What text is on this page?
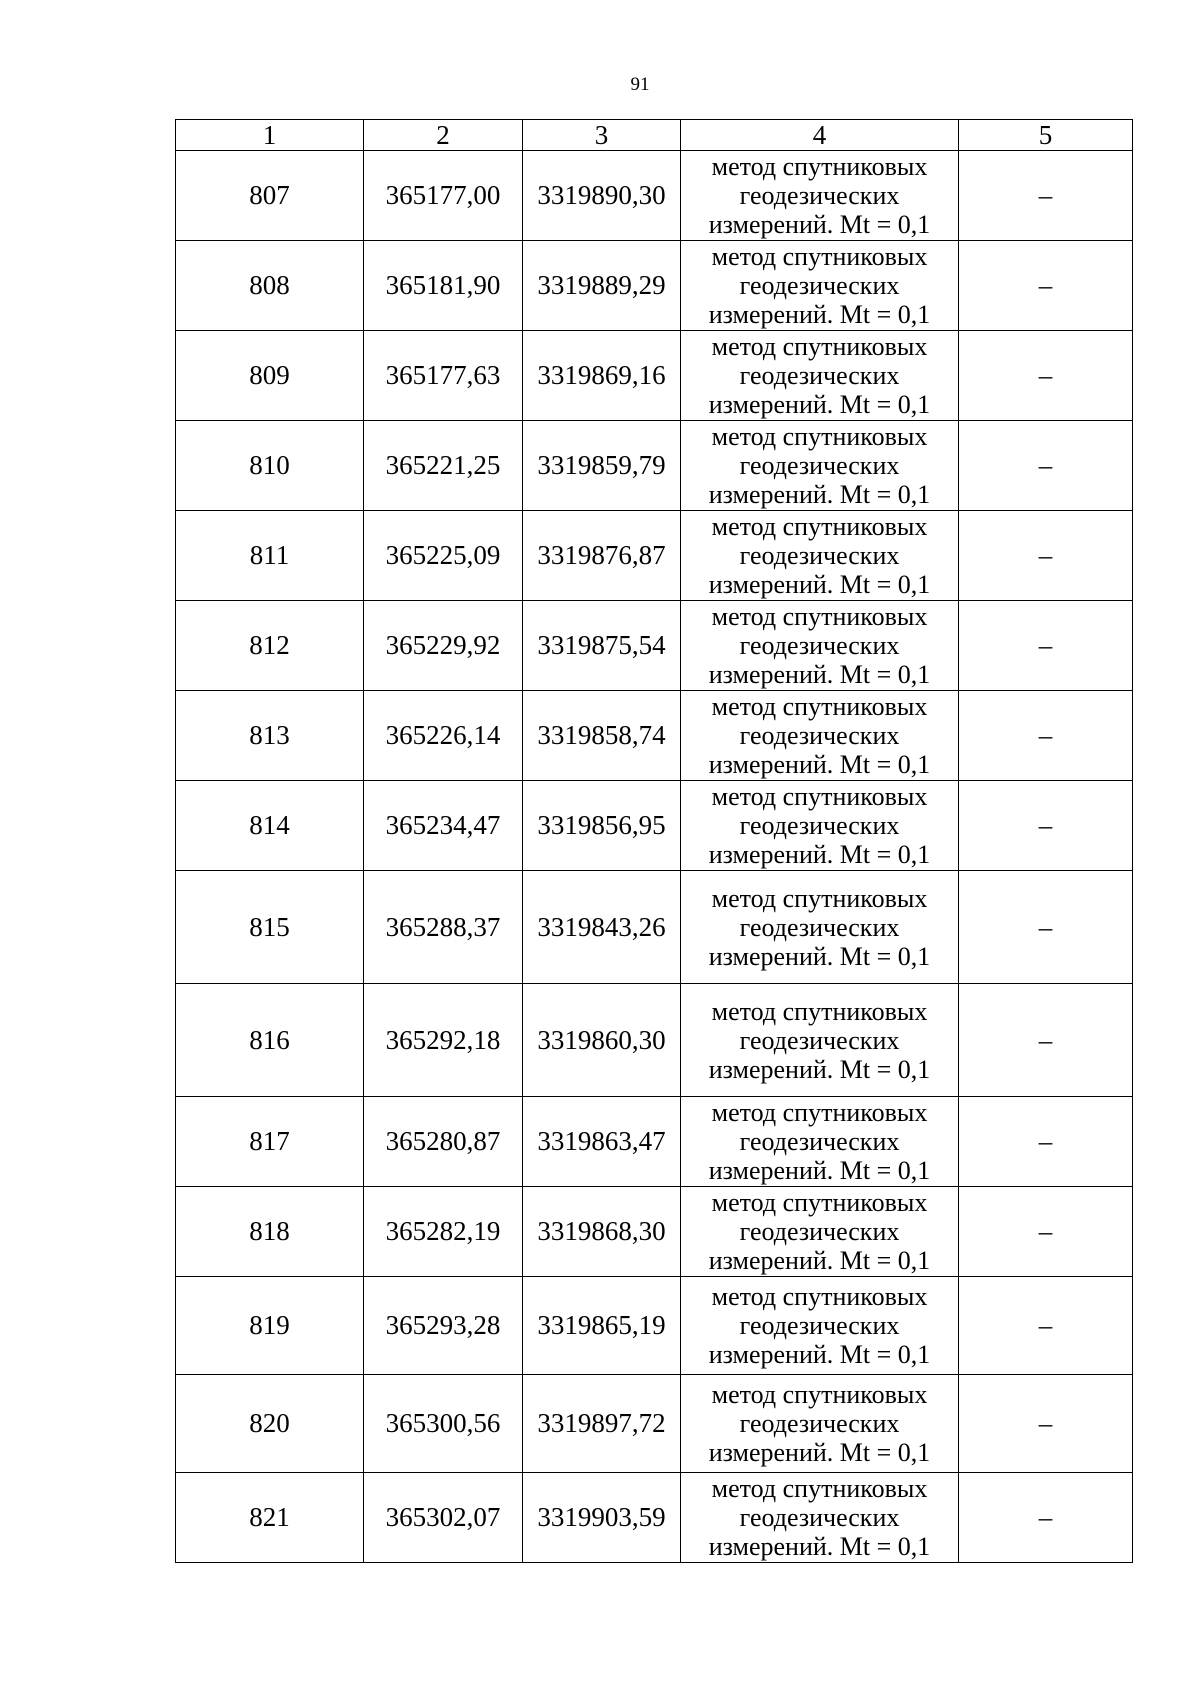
91
1	2	3	4	5
807	365177,00	3319890,30	метод спутниковых геодезических измерений. Mt = 0,1	–
808	365181,90	3319889,29	метод спутниковых геодезических измерений. Mt = 0,1	–
809	365177,63	3319869,16	метод спутниковых геодезических измерений. Mt = 0,1	–
810	365221,25	3319859,79	метод спутниковых геодезических измерений. Mt = 0,1	–
811	365225,09	3319876,87	метод спутниковых геодезических измерений. Mt = 0,1	–
812	365229,92	3319875,54	метод спутниковых геодезических измерений. Mt = 0,1	–
813	365226,14	3319858,74	метод спутниковых геодезических измерений. Mt = 0,1	–
814	365234,47	3319856,95	метод спутниковых геодезических измерений. Mt = 0,1	–
815	365288,37	3319843,26	метод спутниковых геодезических измерений. Mt = 0,1	–
816	365292,18	3319860,30	метод спутниковых геодезических измерений. Mt = 0,1	–
817	365280,87	3319863,47	метод спутниковых геодезических измерений. Mt = 0,1	–
818	365282,19	3319868,30	метод спутниковых геодезических измерений. Mt = 0,1	–
819	365293,28	3319865,19	метод спутниковых геодезических измерений. Mt = 0,1	–
820	365300,56	3319897,72	метод спутниковых геодезических измерений. Mt = 0,1	–
821	365302,07	3319903,59	метод спутниковых геодезических измерений. Mt = 0,1	–
